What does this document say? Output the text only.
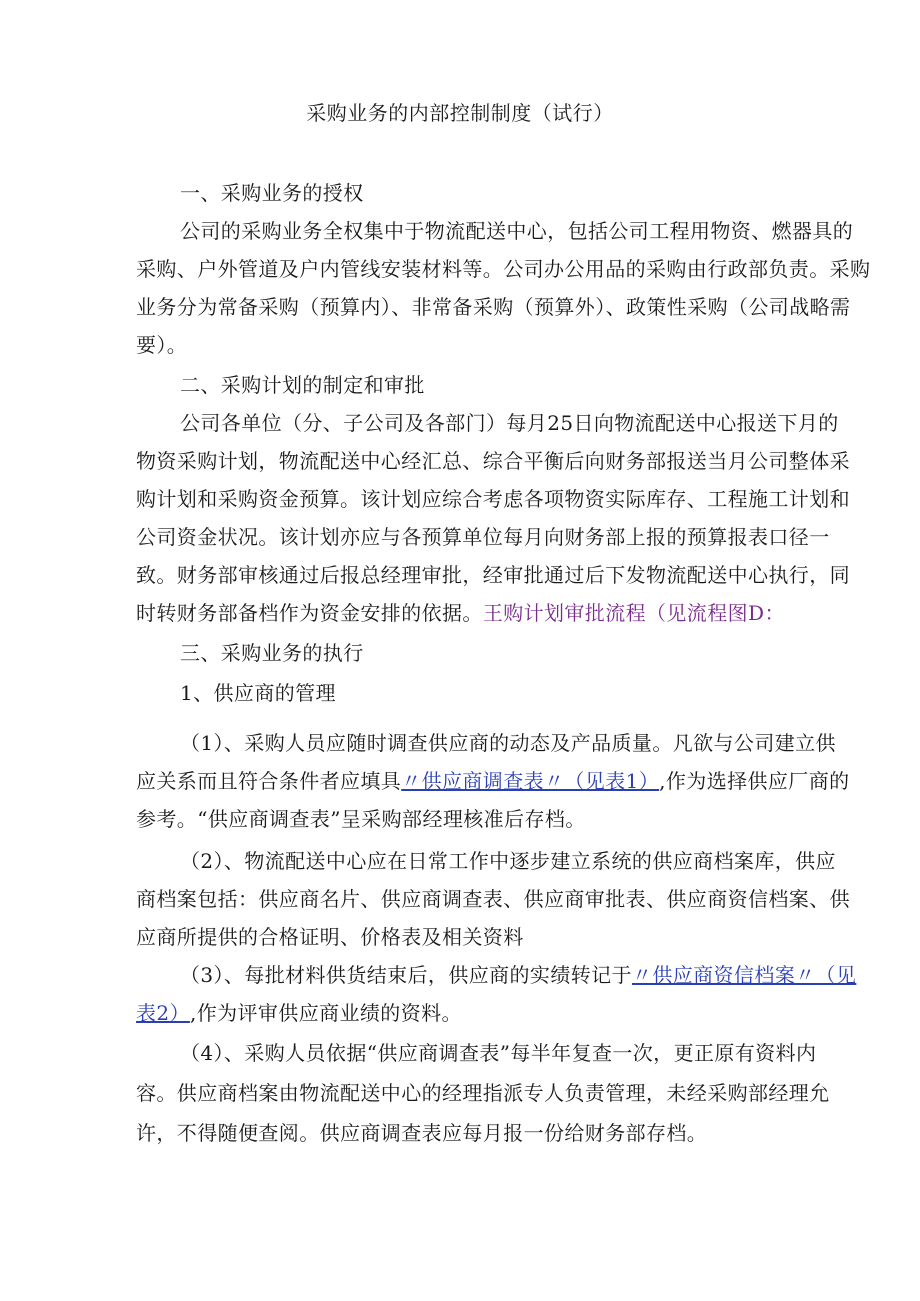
采购业务的内部控制制度（试行）
一、采购业务的授权
公司的采购业务全权集中于物流配送中心，包括公司工程用物资、燃器具的
采购、户外管道及户内管线安装材料等。公司办公用品的采购由行政部负责。采购
业务分为常备采购（预算内）、非常备采购（预算外）、政策性采购（公司战略需
要）。
二、采购计划的制定和审批
公司各单位（分、子公司及各部门）每月25日向物流配送中心报送下月的
物资采购计划，物流配送中心经汇总、综合平衡后向财务部报送当月公司整体采
购计划和采购资金预算。该计划应综合考虑各项物资实际库存、工程施工计划和
公司资金状况。该计划亦应与各预算单位每月向财务部上报的预算报表口径一
致。财务部审核通过后报总经理审批，经审批通过后下发物流配送中心执行，同
时转财务部备档作为资金安排的依据。王购计划审批流程（见流程图D：
三、采购业务的执行
1、供应商的管理
（1）、采购人员应随时调查供应商的动态及产品质量。凡欲与公司建立供
应关系而且符合条件者应填具〃供应商调查表〃（见表1）,作为选择供应厂商的
参考。“供应商调查表”呈采购部经理核准后存档。
（2）、物流配送中心应在日常工作中逐步建立系统的供应商档案库，供应
商档案包括：供应商名片、供应商调查表、供应商审批表、供应商资信档案、供
应商所提供的合格证明、价格表及相关资料
（3）、每批材料供货结束后，供应商的实绩转记于〃供应商资信档案〃（见
表2）,作为评审供应商业绩的资料。
（4）、采购人员依据“供应商调查表”每半年复查一次，更正原有资料内
容。供应商档案由物流配送中心的经理指派专人负责管理，未经采购部经理允
许，不得随便查阅。供应商调查表应每月报一份给财务部存档。
